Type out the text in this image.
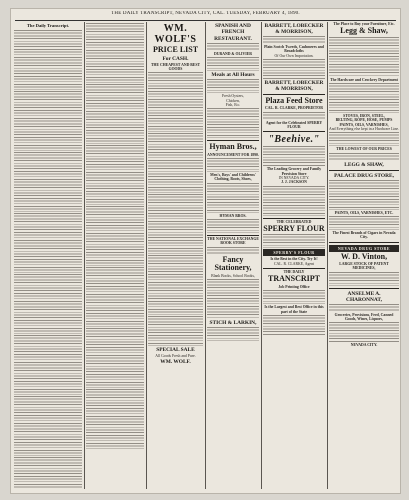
THE DAILY TRANSCRIPT, NEVADA CITY, CAL. TUESDAY, FEBRUARY 4, 1890.
The Daily Transcript.	WM. WOLF'S
PRICE LIST
For CASH.
THE CHEAPEST AND BEST GOODS
SPECIAL SALE
All Goods Fresh and Pure.
WM. WOLF.
SPANISH AND FRENCH
RESTAURANT.
DURAND & OLIVIER
Meals at All Hours
Fresh Oysters,
Chicken,
Fish, Etc.
Hyman Bros.,
ANNOUNCEMENT FOR 1890.
Men's, Boys' and Childrens' Clothing, Boots, Shoes,
HYMAN BROS.
THE NATIONAL EXCHANGE BOOK STORE
Fancy Stationery,
Blank Books, School Books,
STICH & LARKIN,
BARRETT, LOBECKER & MORRISON,
Plain Scotch Tweeds, Cashmeres and Broadcloths
Of Our Own Importation.
BARRETT, LOBECKER & MORRISON,
Plaza Feed Store
CAL. R. CLARKE, PROPRIETOR
Agent for the Celebrated SPERRY FLOUR
"Beehive."
The Leading Grocery and Family Provision Store
IN NEVADA CITY.
J. J. JACKSON
THE CELEBRATED
SPERRY FLOUR
SPERRY'S FLOUR
Is the Best in the City. Try It!
CAL. R. CLARKE, Agent
THE DAILY
TRANSCRIPT
Job Printing Office
Is the Largest and Best Office in this part of the State
The Place to Buy your Furniture, Etc.
Legg & Shaw,
The Hardware and Crockery Department
STOVES, IRON, STEEL,
BELTING, ROPE, HOSE, PUMPS
PAINTS, OILS, VARNISHES,
And Everything else kept in a Hardware Line.
THE LOWEST OF OUR PRICES
LEGG & SHAW,
PALACE DRUG STORE,
PAINTS, OILS, VARNISHES, ETC.
The Finest Brands of Cigars in Nevada City.
NEVADA DRUG STORE
W. D. Vinton,
LARGE STOCK OF PATENT MEDICINES,
ANSELME A. CHARONNAT,
Groceries, Provisions, Feed, Canned Goods, Wines, Liquors,
NEVADA CITY.
